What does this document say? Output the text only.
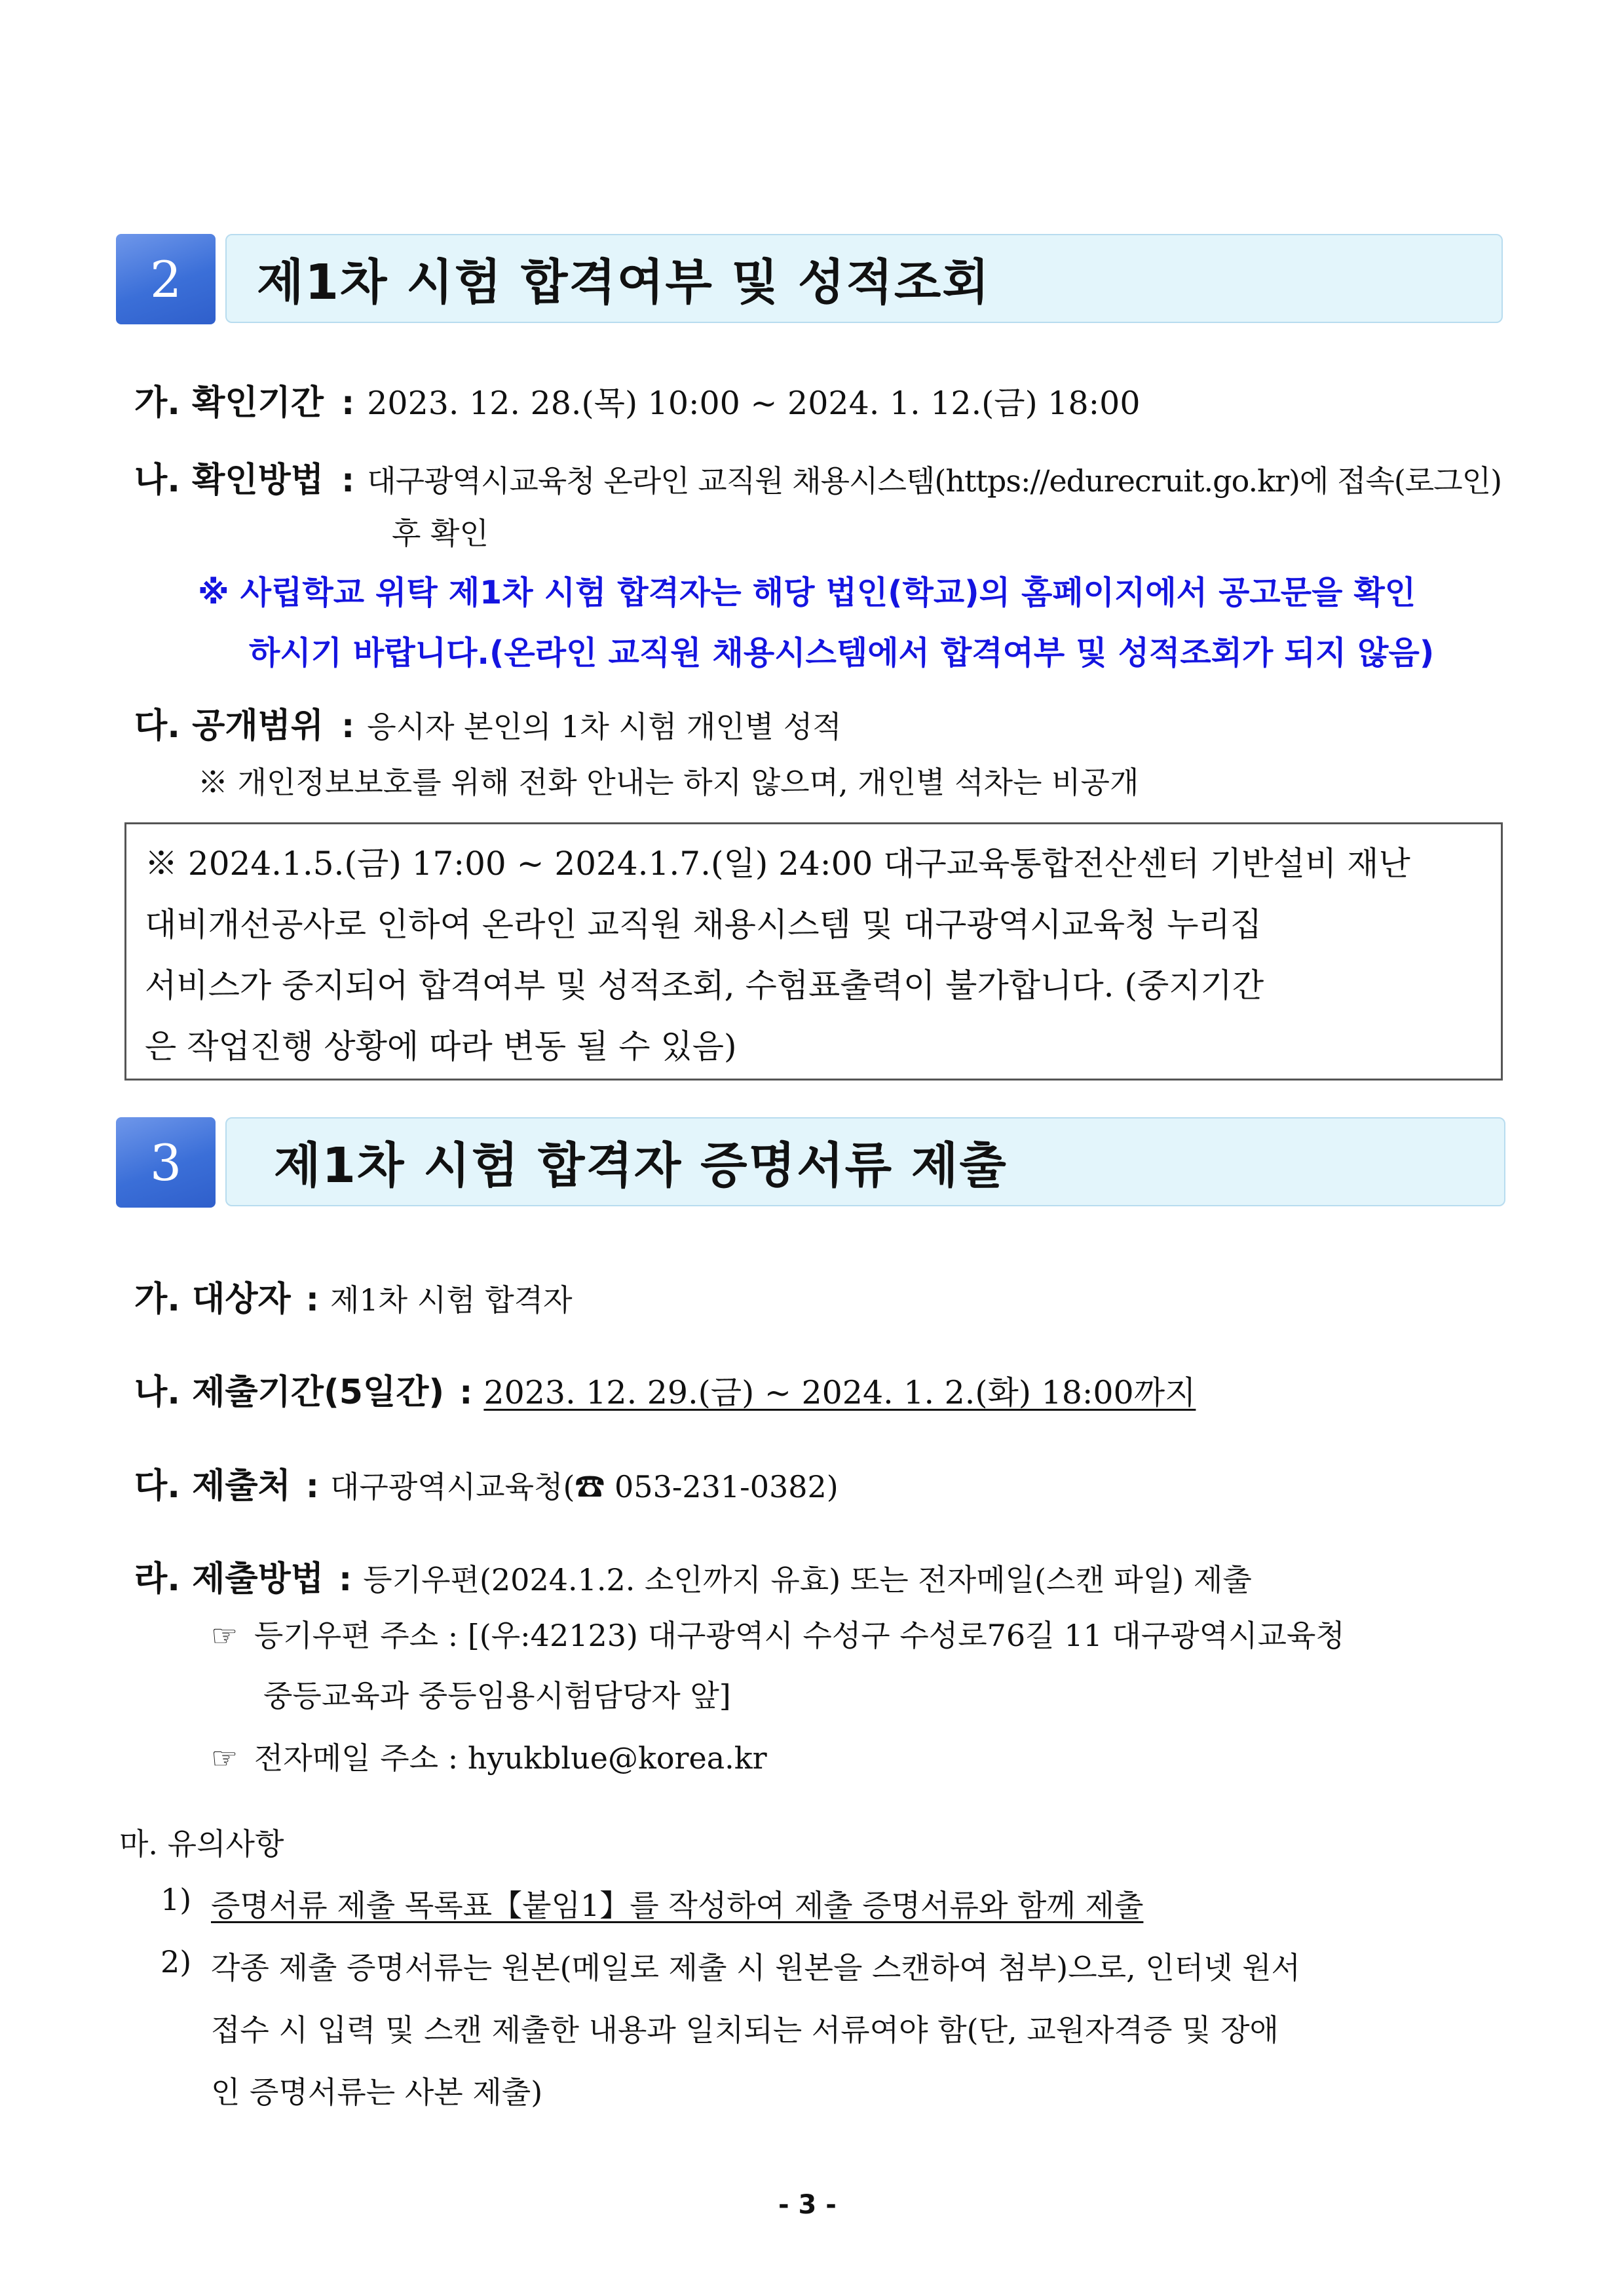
2 제1차 시험 합격여부 및 성적조회
가. 확인기간 : 2023. 12. 28.(목) 10:00 ~ 2024. 1. 12.(금) 18:00
나. 확인방법 : 대구광역시교육청 온라인 교직원 채용시스템(https://edurecruit.go.kr)에 접속(로그인)
후 확인
※ 사립학교 위탁 제1차 시험 합격자는 해당 법인(학교)의 홈페이지에서 공고문을 확인
하시기 바랍니다.(온라인 교직원 채용시스템에서 합격여부 및 성적조회가 되지 않음)
다. 공개범위 : 응시자 본인의 1차 시험 개인별 성적
※ 개인정보보호를 위해 전화 안내는 하지 않으며, 개인별 석차는 비공개
※ 2024.1.5.(금) 17:00 ~ 2024.1.7.(일) 24:00 대구교육통합전산센터 기반설비 재난
대비개선공사로 인하여 온라인 교직원 채용시스템 및 대구광역시교육청 누리집
서비스가 중지되어 합격여부 및 성적조회, 수험표출력이 불가합니다. (중지기간
은 작업진행 상황에 따라 변동 될 수 있음)
3 제1차 시험 합격자 증명서류 제출
가. 대상자 : 제1차 시험 합격자
나. 제출기간(5일간) : 2023. 12. 29.(금) ~ 2024. 1. 2.(화) 18:00까지
다. 제출처 : 대구광역시교육청(☎ 053-231-0382)
라. 제출방법 : 등기우편(2024.1.2. 소인까지 유효) 또는 전자메일(스캔 파일) 제출
☞ 등기우편 주소 : [(우:42123) 대구광역시 수성구 수성로76길 11 대구광역시교육청
중등교육과 중등임용시험담당자 앞]
☞ 전자메일 주소 : hyukblue@korea.kr
마. 유의사항
1) 증명서류 제출 목록표【붙임1】를 작성하여 제출 증명서류와 함께 제출
2) 각종 제출 증명서류는 원본(메일로 제출 시 원본을 스캔하여 첨부)으로, 인터넷 원서
접수 시 입력 및 스캔 제출한 내용과 일치되는 서류여야 함(단, 교원자격증 및 장애
인 증명서류는 사본 제출)
- 3 -
